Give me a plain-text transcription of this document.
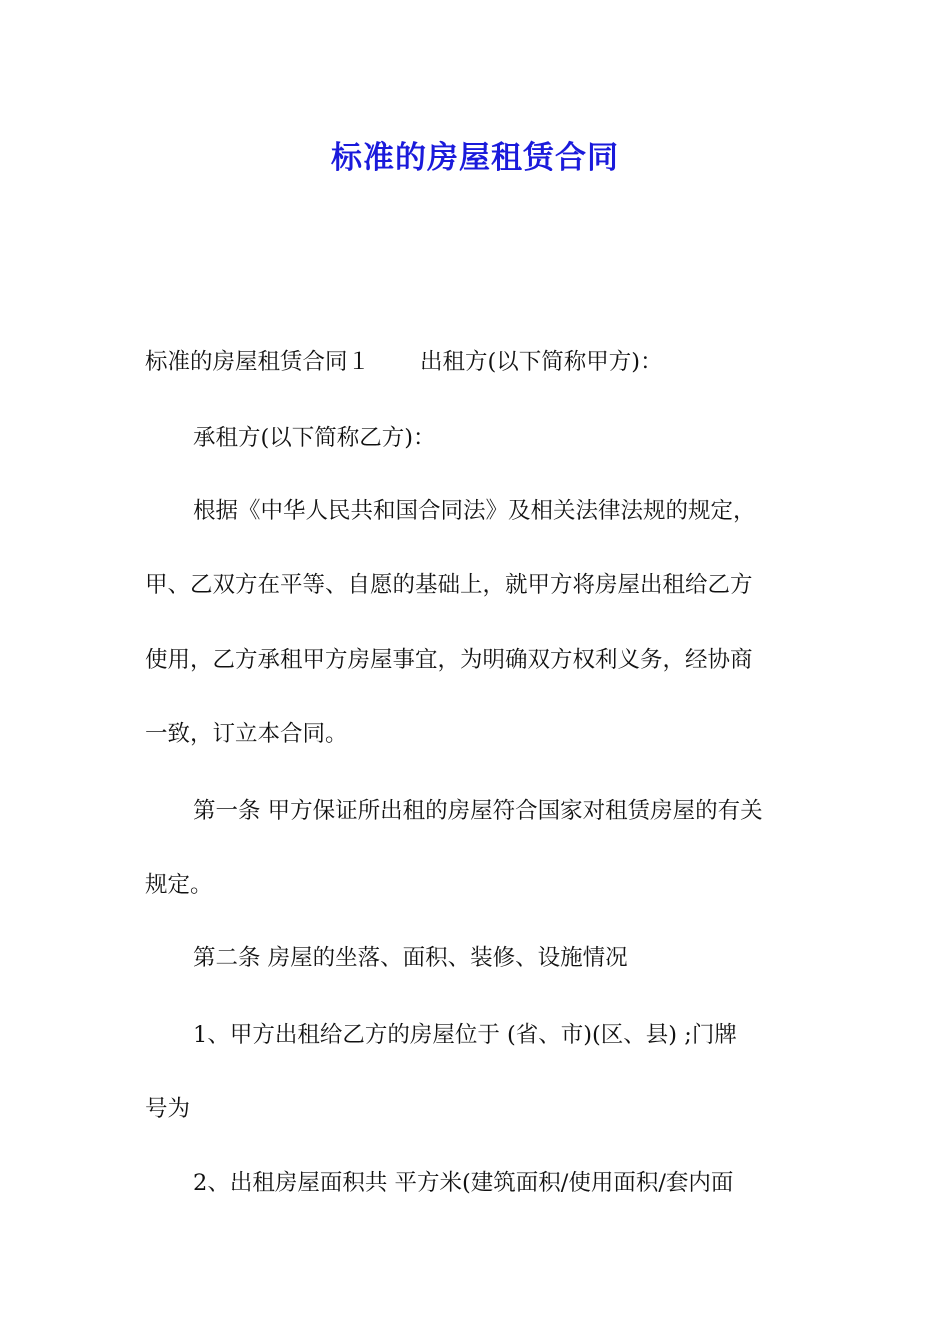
标准的房屋租赁合同
标准的房屋租赁合同１ 出租方(以下简称甲方)：
承租方(以下简称乙方)：
根据《中华人民共和国合同法》及相关法律法规的规定，
甲、乙双方在平等、自愿的基础上，就甲方将房屋出租给乙方
使用，乙方承租甲方房屋事宜，为明确双方权利义务，经协商
一致，订立本合同。
第一条 甲方保证所出租的房屋符合国家对租赁房屋的有关
规定。
第二条 房屋的坐落、面积、装修、设施情况
1、甲方出租给乙方的房屋位于 (省、市)(区、县) ;门牌
号为
2、出租房屋面积共 平方米(建筑面积/使用面积/套内面
